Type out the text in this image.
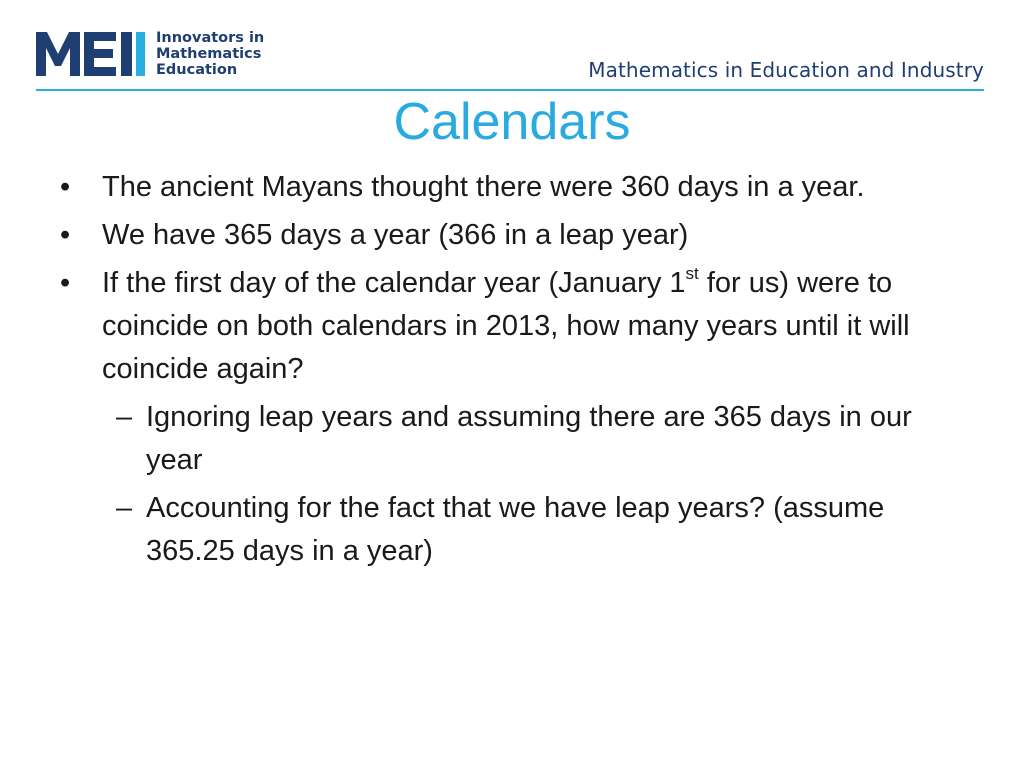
Innovators in
Mathematics
Education	Mathematics in Education and Industry
Calendars
• The ancient Mayans thought there were 360 days in a year.
• We have 365 days a year (366 in a leap year)
• If the first day of the calendar year (January 1st for us) were to coincide on both calendars in 2013, how many years until it will coincide again?
– Ignoring leap years and assuming there are 365 days in our year
– Accounting for the fact that we have leap years? (assume 365.25 days in a year)
